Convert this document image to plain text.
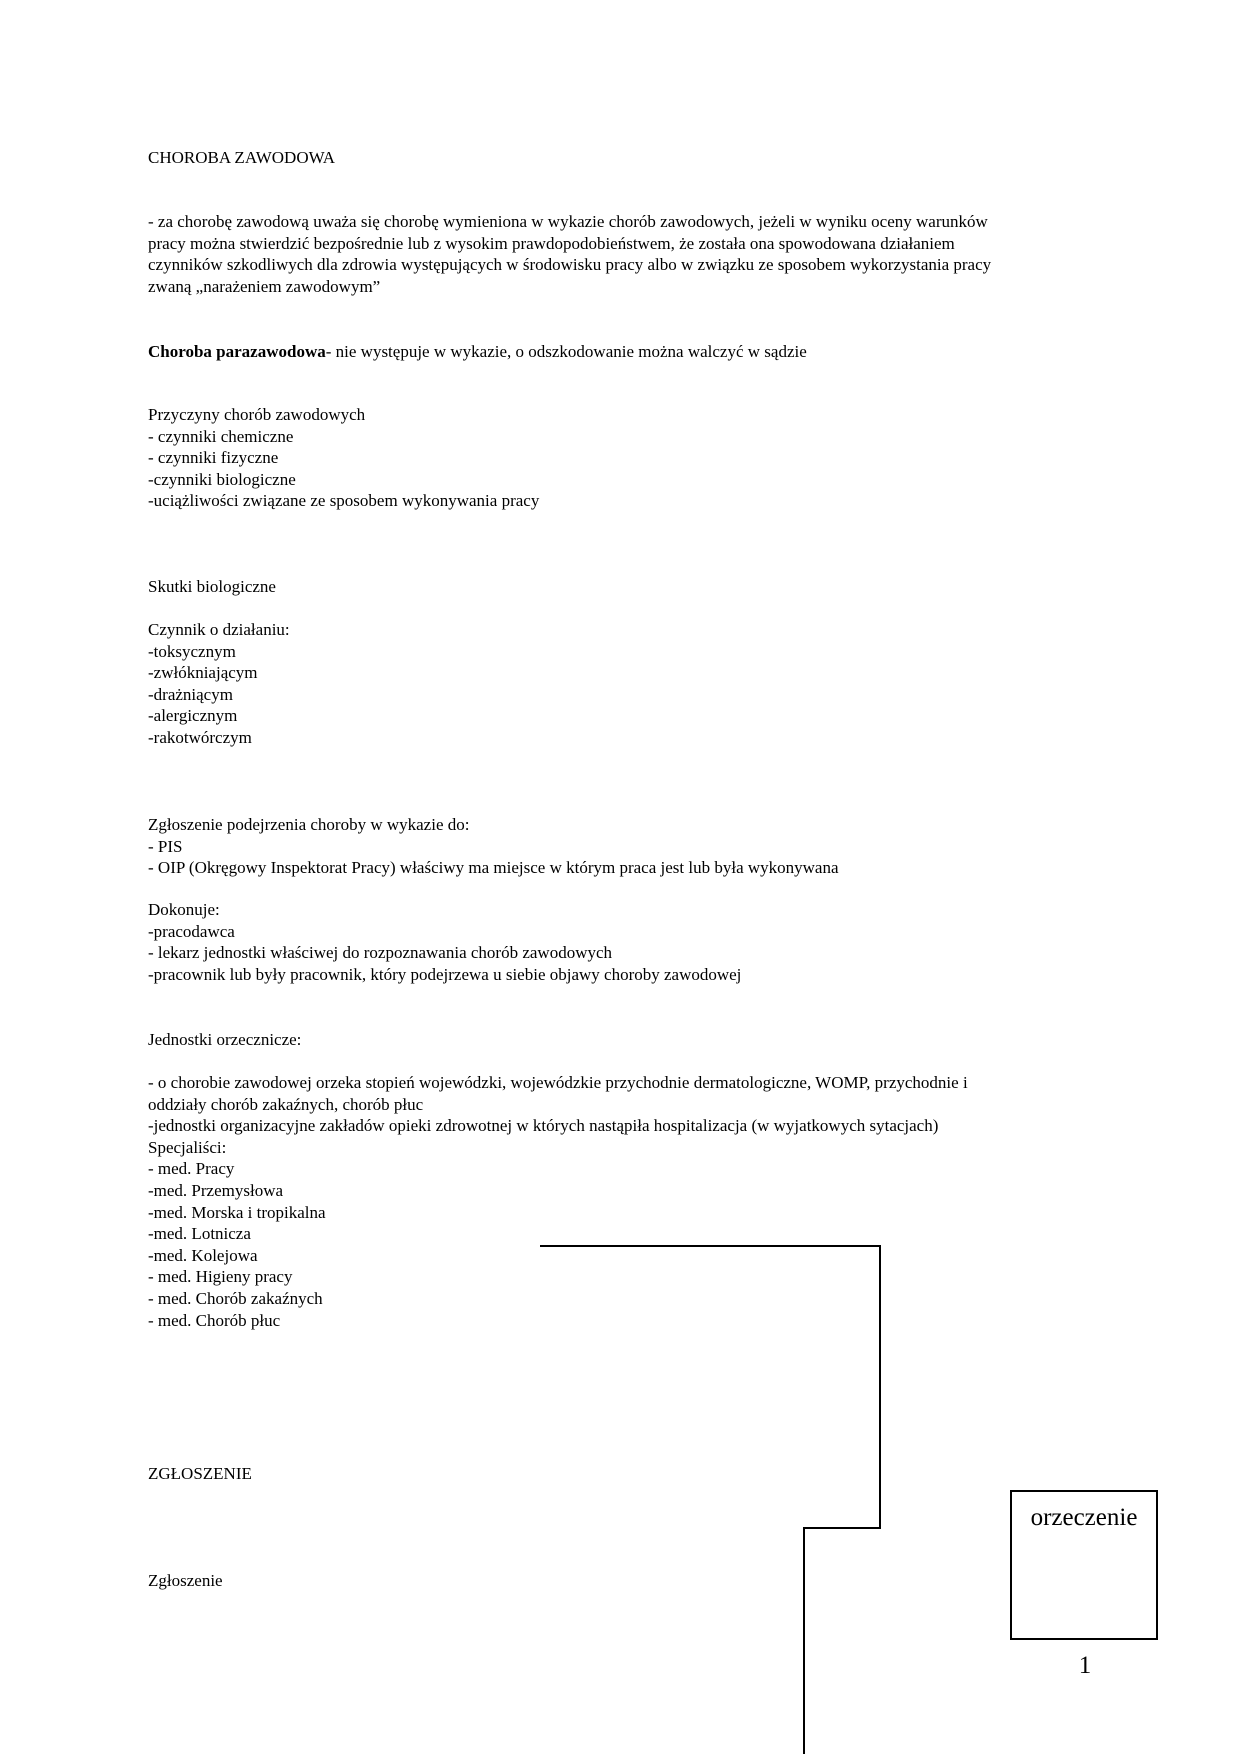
CHOROBA ZAWODOWA
- za chorobę zawodową uważa się chorobę wymieniona w wykazie chorób zawodowych, jeżeli w wyniku oceny warunków
pracy można stwierdzić bezpośrednie lub z wysokim prawdopodobieństwem, że została ona spowodowana działaniem
czynników szkodliwych dla zdrowia występujących w środowisku pracy albo w związku ze sposobem wykorzystania pracy
zwaną „narażeniem zawodowym”
Choroba parazawodowa- nie występuje w wykazie, o odszkodowanie można walczyć w sądzie
Przyczyny chorób zawodowych
- czynniki chemiczne
- czynniki fizyczne
-czynniki biologiczne
-uciążliwości związane ze sposobem wykonywania pracy
Skutki biologiczne
Czynnik o działaniu:
-toksycznym
-zwłókniającym
-drażniącym
-alergicznym
-rakotwórczym
Zgłoszenie podejrzenia choroby w wykazie do:
- PIS
- OIP (Okręgowy Inspektorat Pracy) właściwy ma miejsce w którym praca jest lub była wykonywana
Dokonuje:
-pracodawca
- lekarz jednostki właściwej do rozpoznawania chorób zawodowych
-pracownik lub były pracownik, który podejrzewa u siebie objawy choroby zawodowej
Jednostki orzecznicze:
- o chorobie zawodowej orzeka stopień wojewódzki, wojewódzkie przychodnie dermatologiczne, WOMP, przychodnie i
oddziały chorób zakaźnych, chorób płuc
-jednostki organizacyjne zakładów opieki zdrowotnej w których nastąpiła hospitalizacja (w wyjatkowych sytacjach)
Specjaliści:
- med. Pracy
-med. Przemysłowa
-med. Morska i tropikalna
-med. Lotnicza
-med. Kolejowa
- med. Higieny pracy
- med. Chorób zakaźnych
- med. Chorób płuc
ZGŁOSZENIE
Zgłoszenie
orzeczenie
1
